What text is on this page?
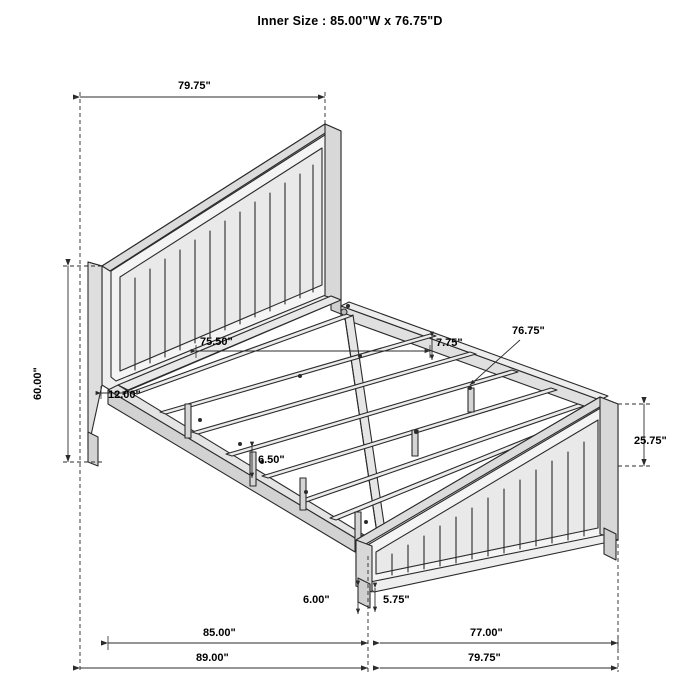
Inner Size : 85.00"W x 76.75"D
79.75"
60.00"	12.00"
75.50"	7.75"
76.75"
6.50"
25.75"
6.00"	5.75"
85.00"	77.00"
89.00"	79.75"
